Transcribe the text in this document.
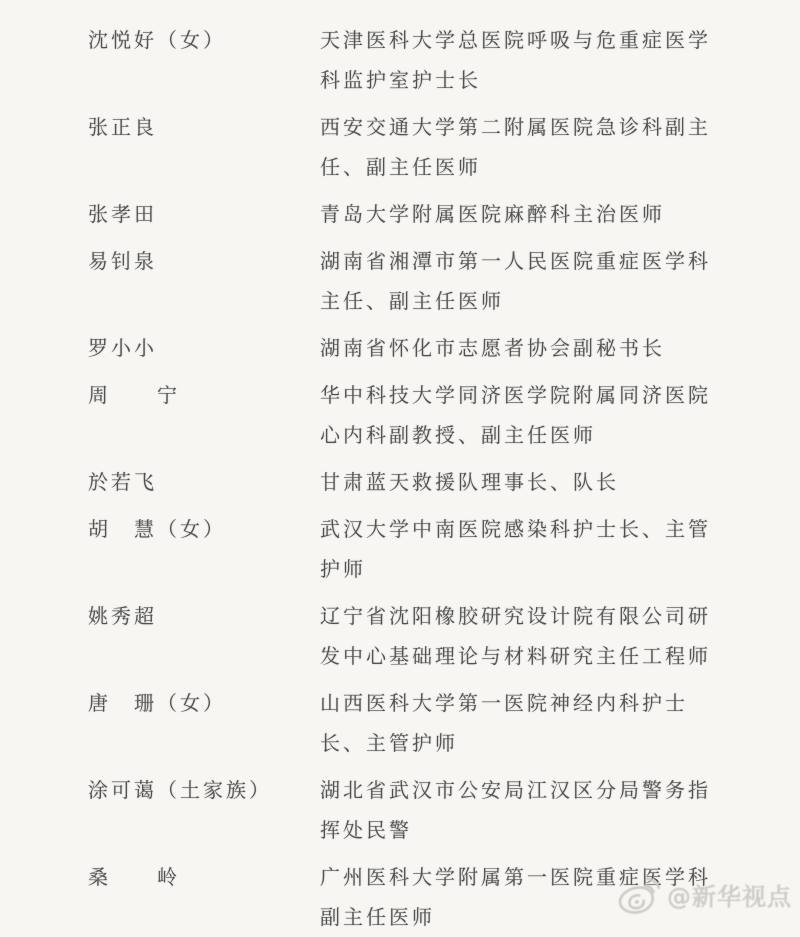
沈悦好（女）	天津医科大学总医院呼吸与危重症医学科监护室护士长
张正良	西安交通大学第二附属医院急诊科副主任、副主任医师
张孝田	青岛大学附属医院麻醉科主治医师
易钊泉	湖南省湘潭市第一人民医院重症医学科主任、副主任医师
罗小小	湖南省怀化市志愿者协会副秘书长
周　　宁	华中科技大学同济医学院附属同济医院心内科副教授、副主任医师
於若飞	甘肃蓝天救援队理事长、队长
胡　慧（女）	武汉大学中南医院感染科护士长、主管护师
姚秀超	辽宁省沈阳橡胶研究设计院有限公司研发中心基础理论与材料研究主任工程师
唐　珊（女）	山西医科大学第一医院神经内科护士长、主管护师
涂可蔼（土家族）	湖北省武汉市公安局江汉区分局警务指挥处民警
桑　　岭	广州医科大学附属第一医院重症医学科副主任医师
@新华视点
